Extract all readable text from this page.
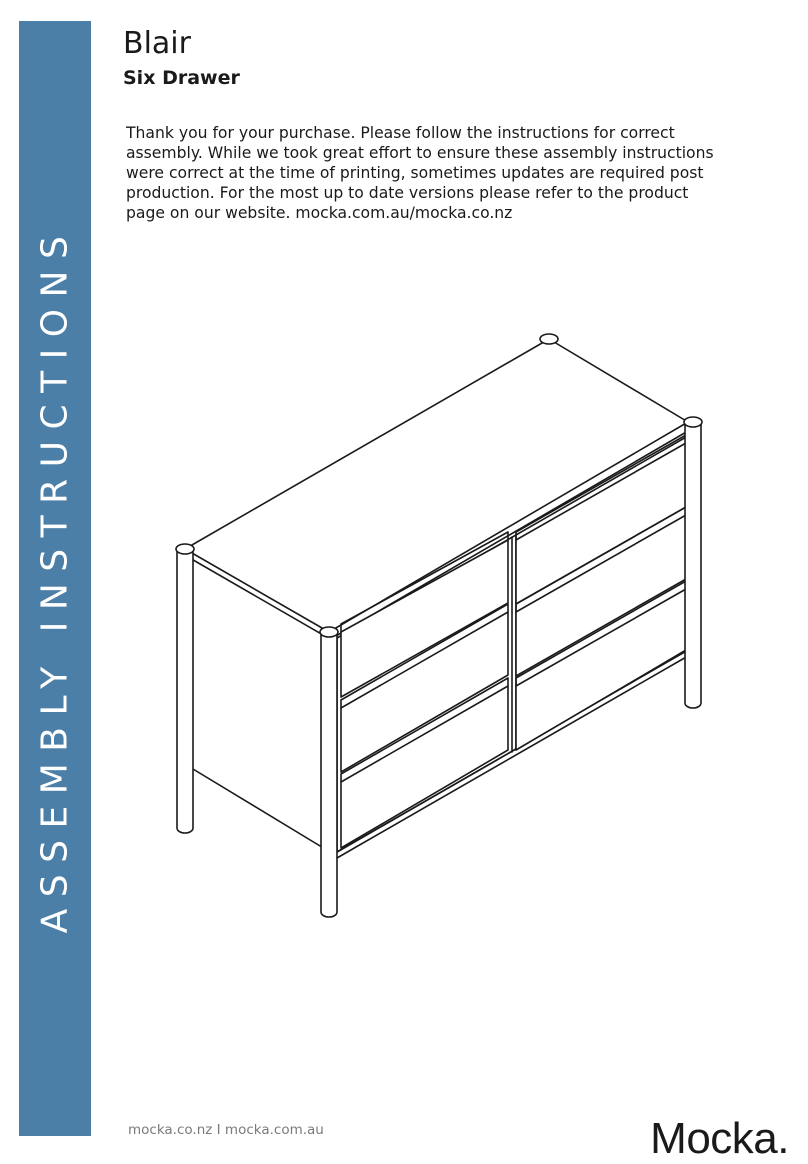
ASSEMBLY INSTRUCTIONS
Blair
Six Drawer
Thank you for your purchase. Please follow the instructions for correct
assembly. While we took great effort to ensure these assembly instructions
were correct at the time of printing, sometimes updates are required post
production. For the most up to date versions please refer to the product
page on our website. mocka.com.au/mocka.co.nz
mocka.co.nz I mocka.com.au	Mocka.
